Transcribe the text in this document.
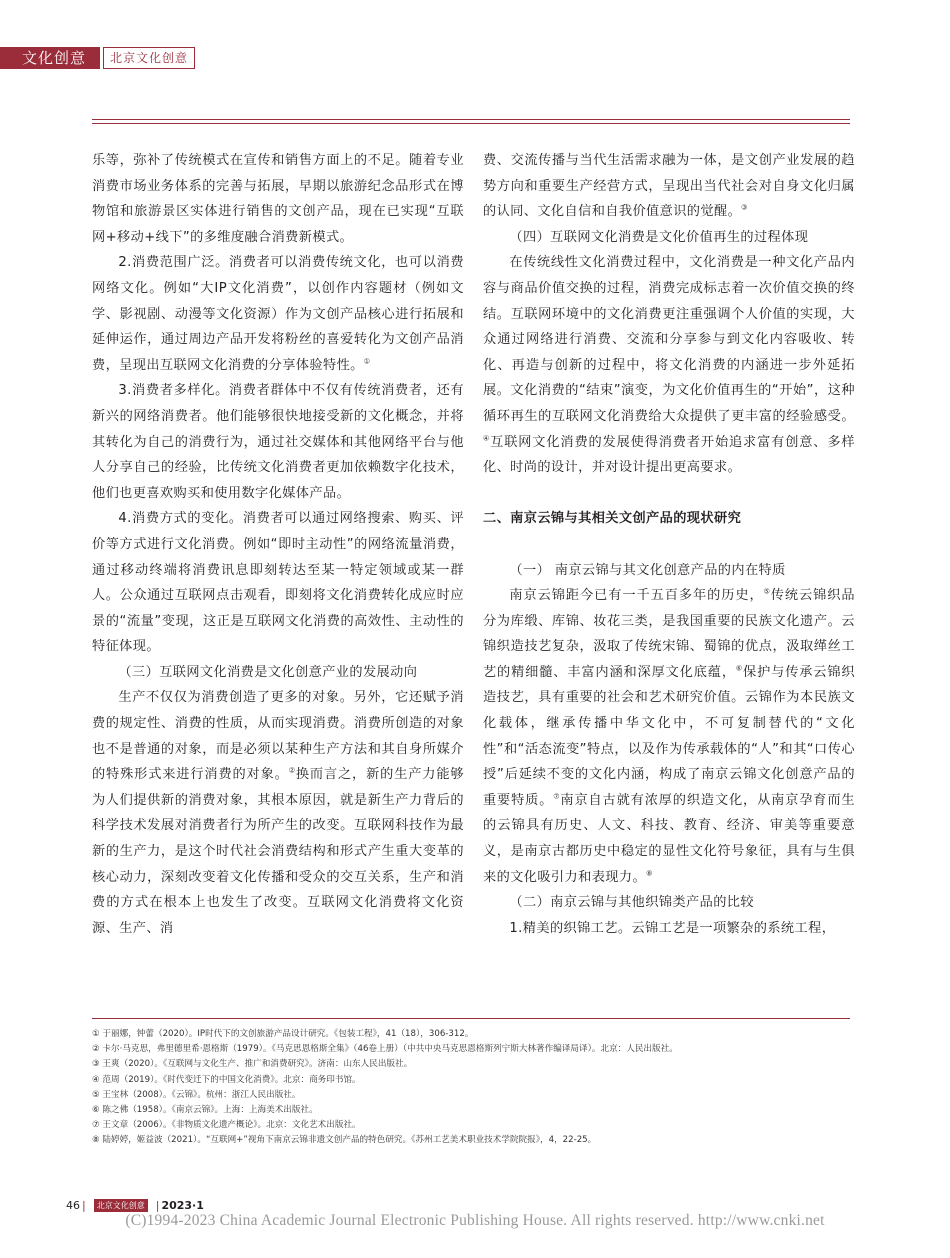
文化创意	北京文化创意

乐等，弥补了传统模式在宣传和销售方面上的不足。随着专业消费市场业务体系的完善与拓展，早期以旅游纪念品形式在博物馆和旅游景区实体进行销售的文创产品，现在已实现“互联网+移动+线下”的多维度融合消费新模式。

2.消费范围广泛。消费者可以消费传统文化，也可以消费网络文化。例如“大IP文化消费”，以创作内容题材（例如文学、影视剧、动漫等文化资源）作为文创产品核心进行拓展和延伸运作，通过周边产品开发将粉丝的喜爱转化为文创产品消费，呈现出互联网文化消费的分享体验特性。①

3.消费者多样化。消费者群体中不仅有传统消费者，还有新兴的网络消费者。他们能够很快地接受新的文化概念，并将其转化为自己的消费行为，通过社交媒体和其他网络平台与他人分享自己的经验，比传统文化消费者更加依赖数字化技术，他们也更喜欢购买和使用数字化媒体产品。

4.消费方式的变化。消费者可以通过网络搜索、购买、评价等方式进行文化消费。例如“即时主动性”的网络流量消费，通过移动终端将消费讯息即刻转达至某一特定领域或某一群人。公众通过互联网点击观看，即刻将文化消费转化成应时应景的“流量”变现，这正是互联网文化消费的高效性、主动性的特征体现。

（三）互联网文化消费是文化创意产业的发展动向

生产不仅仅为消费创造了更多的对象。另外，它还赋予消费的规定性、消费的性质，从而实现消费。消费所创造的对象也不是普通的对象，而是必须以某种生产方法和其自身所媒介的特殊形式来进行消费的对象。②换而言之，新的生产力能够为人们提供新的消费对象，其根本原因，就是新生产力背后的科学技术发展对消费者行为所产生的改变。互联网科技作为最新的生产力，是这个时代社会消费结构和形式产生重大变革的核心动力，深刻改变着文化传播和受众的交互关系，生产和消费的方式在根本上也发生了改变。互联网文化消费将文化资源、生产、消

费、交流传播与当代生活需求融为一体，是文创产业发展的趋势方向和重要生产经营方式，呈现出当代社会对自身文化归属的认同、文化自信和自我价值意识的觉醒。③

（四）互联网文化消费是文化价值再生的过程体现

在传统线性文化消费过程中，文化消费是一种文化产品内容与商品价值交换的过程，消费完成标志着一次价值交换的终结。互联网环境中的文化消费更注重强调个人价值的实现，大众通过网络进行消费、交流和分享参与到文化内容吸收、转化、再造与创新的过程中，将文化消费的内涵进一步外延拓展。文化消费的“结束”演变，为文化价值再生的“开始”，这种循环再生的互联网文化消费给大众提供了更丰富的经验感受。④互联网文化消费的发展使得消费者开始追求富有创意、多样化、时尚的设计，并对设计提出更高要求。

二、南京云锦与其相关文创产品的现状研究

（一） 南京云锦与其文化创意产品的内在特质

南京云锦距今已有一千五百多年的历史，⑤传统云锦织品分为库缎、库锦、妆花三类，是我国重要的民族文化遗产。云锦织造技艺复杂，汲取了传统宋锦、蜀锦的优点，汲取缂丝工艺的精细髓、丰富内涵和深厚文化底蕴，⑥保护与传承云锦织造技艺，具有重要的社会和艺术研究价值。云锦作为本民族文化载体，继承传播中华文化中，不可复制替代的“文化性”和“活态流变”特点，以及作为传承载体的“人”和其“口传心授”后延续不变的文化内涵，构成了南京云锦文化创意产品的重要特质。⑦南京自古就有浓厚的织造文化，从南京孕育而生的云锦具有历史、人文、科技、教育、经济、审美等重要意义，是南京古都历史中稳定的显性文化符号象征，具有与生俱来的文化吸引力和表现力。⑧

（二）南京云锦与其他织锦类产品的比较

1.精美的织锦工艺。云锦工艺是一项繁杂的系统工程，

① 于丽娜，钟蕾（2020）。IP时代下的文创旅游产品设计研究。《包装工程》，41（18），306-312。
② 卡尔·马克思，弗里德里希·恩格斯（1979）。《马克思恩格斯全集》（46卷上册）（中共中央马克思恩格斯列宁斯大林著作编译局译）。北京：人民出版社。
③ 王爽（2020）。《互联网与文化生产、推广和消费研究》。济南：山东人民出版社。
④ 范周（2019）。《时代变迁下的中国文化消费》。北京：商务印书馆。
⑤ 王宝林（2008）。《云锦》。杭州：浙江人民出版社。
⑥ 陈之佛（1958）。《南京云锦》。上海：上海美术出版社。
⑦ 王文章（2006）。《非物质文化遗产概论》。北京：文化艺术出版社。
⑧ 陆婷婷，姬益波（2021）。“互联网+”视角下南京云锦非遗文创产品的特色研究。《苏州工艺美术职业技术学院院报》，4，22-25。
46 |	北京文化创意 | 2023·1
(C)1994-2023 China Academic Journal Electronic Publishing House. All rights reserved. http://www.cnki.net
